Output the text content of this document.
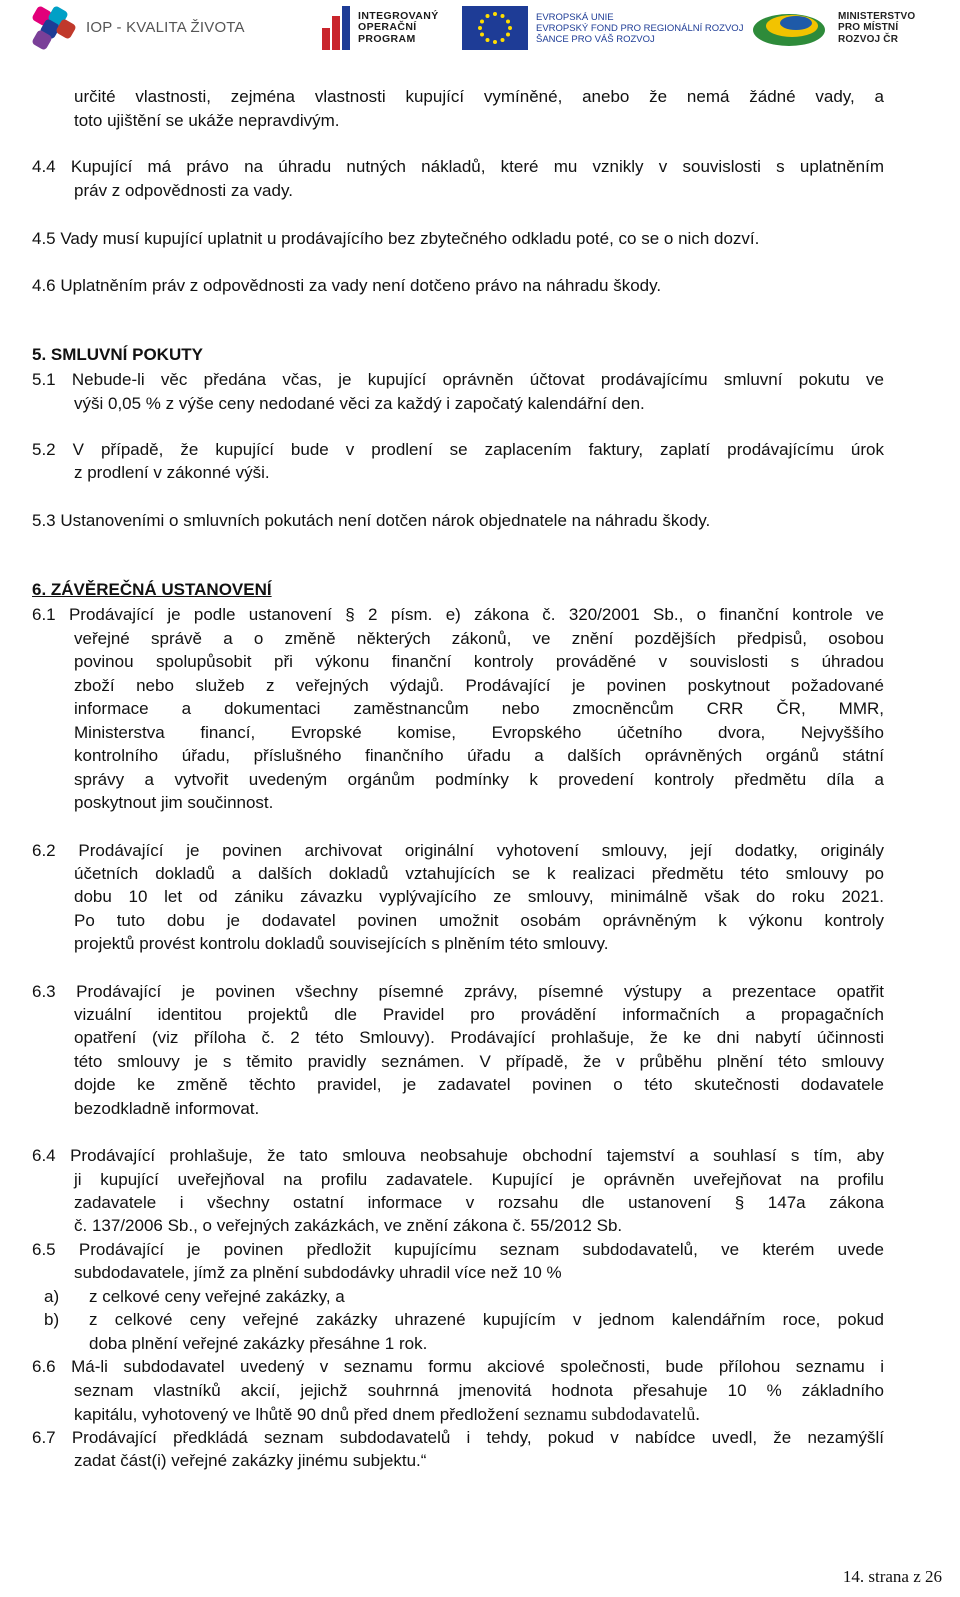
IOP - KVALITA ŽIVOTA
INTEGROVANÝ
OPERAČNÍ
PROGRAM
EVROPSKÁ UNIE
EVROPSKÝ FOND PRO REGIONÁLNÍ ROZVOJ
ŠANCE PRO VÁŠ ROZVOJ
MINISTERSTVO
PRO MÍSTNÍ
ROZVOJ ČR

určité vlastnosti, zejména vlastnosti kupující vymíněné, anebo že nemá žádné vady, a

toto ujištění se ukáže nepravdivým.

4.4 Kupující má právo na úhradu nutných nákladů, které mu vznikly v souvislosti s uplatněním

práv z odpovědnosti za vady.

4.5 Vady musí kupující uplatnit u prodávajícího bez zbytečného odkladu poté, co se o nich dozví.

4.6 Uplatněním práv z odpovědnosti za vady není dotčeno právo na náhradu škody.

5. SMLUVNÍ POKUTY

5.1 Nebude-li věc předána včas, je kupující oprávněn účtovat prodávajícímu smluvní pokutu ve

výši 0,05 % z výše ceny nedodané věci za každý i započatý kalendářní den.

5.2 V případě, že kupující bude v prodlení se zaplacením faktury, zaplatí prodávajícímu úrok

z prodlení v zákonné výši.

5.3 Ustanoveními o smluvních pokutách není dotčen nárok objednatele na náhradu škody.

6. ZÁVĚREČNÁ USTANOVENÍ

6.1 Prodávající je podle ustanovení § 2 písm. e) zákona č. 320/2001 Sb., o finanční kontrole ve

veřejné správě a o změně některých zákonů, ve znění pozdějších předpisů, osobou

povinou spolupůsobit při výkonu finanční kontroly prováděné v souvislosti s úhradou

zboží nebo služeb z veřejných výdajů. Prodávající je povinen poskytnout požadované

informace a dokumentaci zaměstnancům nebo zmocněncům CRR ČR, MMR,

Ministerstva financí, Evropské komise, Evropského účetního dvora, Nejvyššího

kontrolního úřadu, příslušného finančního úřadu a dalších oprávněných orgánů státní

správy a vytvořit uvedeným orgánům podmínky k provedení kontroly předmětu díla a

poskytnout jim součinnost.

6.2 Prodávající je povinen archivovat originální vyhotovení smlouvy, její dodatky, originály

účetních dokladů a dalších dokladů vztahujících se k realizaci předmětu této smlouvy po

dobu 10 let od zániku závazku vyplývajícího ze smlouvy, minimálně však do roku 2021.

Po tuto dobu je dodavatel povinen umožnit osobám oprávněným k výkonu kontroly

projektů provést kontrolu dokladů souvisejících s plněním této smlouvy.

6.3 Prodávající je povinen všechny písemné zprávy, písemné výstupy a prezentace opatřit

vizuální identitou projektů dle Pravidel pro provádění informačních a propagačních

opatření (viz příloha č. 2 této Smlouvy). Prodávající prohlašuje, že ke dni nabytí účinnosti

této smlouvy je s těmito pravidly seznámen. V případě, že v průběhu plnění této smlouvy

dojde ke změně těchto pravidel, je zadavatel povinen o této skutečnosti dodavatele

bezodkladně informovat.

6.4 Prodávající prohlašuje, že tato smlouva neobsahuje obchodní tajemství a souhlasí s tím, aby

ji kupující uveřejňoval na profilu zadavatele. Kupující je oprávněn uveřejňovat na profilu

zadavatele i všechny ostatní informace v rozsahu dle ustanovení § 147a zákona

č. 137/2006 Sb., o veřejných zakázkách, ve znění zákona č. 55/2012 Sb.

6.5 Prodávající je povinen předložit kupujícímu seznam subdodavatelů, ve kterém uvede

subdodavatele, jímž za plnění subdodávky uhradil více než 10 %

a) z celkové ceny veřejné zakázky, a

b) z celkové ceny veřejné zakázky uhrazené kupujícím v jednom kalendářním roce, pokud

doba plnění veřejné zakázky přesáhne 1 rok.

6.6 Má-li subdodavatel uvedený v seznamu formu akciové společnosti, bude přílohou seznamu i

seznam vlastníků akcií, jejichž souhrnná jmenovitá hodnota přesahuje 10 % základního

kapitálu, vyhotovený ve lhůtě 90 dnů před dnem předložení seznamu subdodavatelů.

6.7 Prodávající předkládá seznam subdodavatelů i tehdy, pokud v nabídce uvedl, že nezamýšlí

zadat část(i) veřejné zakázky jinému subjektu.“

14. strana z 26
